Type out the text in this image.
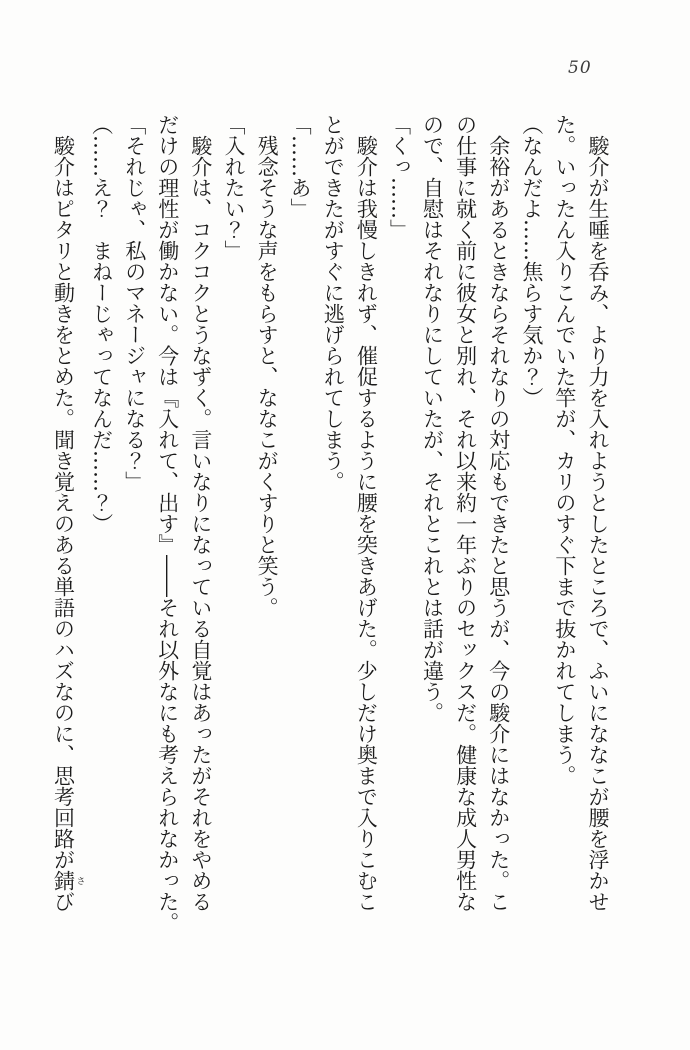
50

駿介が生唾を呑み、より力を入れようとしたところで、ふいにななこが腰を浮かせ
た。いったん入りこんでいた竿が、カリのすぐ下まで抜かれてしまう。

（なんだよ……焦らす気か？）

余裕があるときならそれなりの対応もできたと思うが、今の駿介にはなかった。こ
の仕事に就く前に彼女と別れ、それ以来約一年ぶりのセックスだ。健康な成人男性な
ので、自慰はそれなりにしていたが、それとこれとは話が違う。

「くっ……」

駿介は我慢しきれず、催促するように腰を突きあげた。少しだけ奥まで入りこむこ
とができたがすぐに逃げられてしまう。

「……あ」

残念そうな声をもらすと、ななこがくすりと笑う。

「入れたい？」

駿介は、コクコクとうなずく。言いなりになっている自覚はあったがそれをやめる
だけの理性が働かない。今は『入れて、出す』――それ以外なにも考えられなかった。

「それじゃ、私のマネージャになる？」

（……え？　まねーじゃってなんだ……？）

駿介はピタリと動きをとめた。聞き覚えのある単語のハズなのに、思考回路が錆 さび
